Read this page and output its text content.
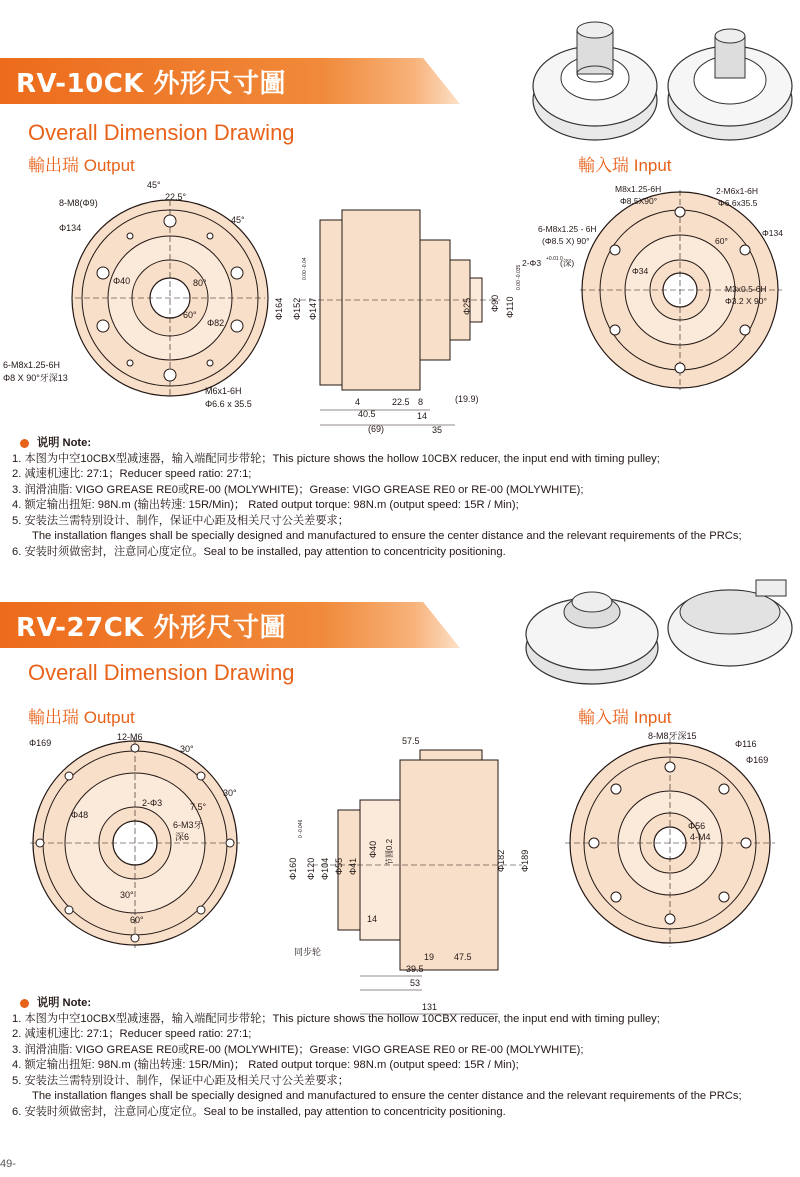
RV-10CK 外形尺寸圖
Overall Dimension Drawing
輸出瑞 Output	輸入瑞 Input
45°
22.5°
45°
8-M8(Φ9)
Φ134
Φ40
Φ82
60°
80°
6-M8x1.25-6H
Φ8 X 90°牙深13
M6x1-6H
Φ6.6 x 35.5
Φ164 Φ152
0.00 -0.04
Φ147	Φ25 Φ90 Φ110
0.00 -0.035
4	22.5 8	(19.9)
40.5	14
(69)	35
M8x1.25-6H
Φ8.5X90°
2-M6x1-6H
Φ6.6x35.5
6-M8x1.25 - 6H
(Φ8.5 X) 90°
2-Φ3 +0.01 0
(深)
Φ34
60°
Φ134
M3x0.5-6H
Φ3.2 X 90°
说明 Note:
1. 本图为中空10CBX型减速器，输入端配同步带轮；This picture shows the hollow 10CBX reducer, the input end with timing pulley;
2. 减速机速比: 27:1；Reducer speed ratio: 27:1;
3. 润滑油脂: VIGO GREASE RE0或RE-00 (MOLYWHITE)；Grease: VIGO GREASE RE0 or RE-00 (MOLYWHITE);
4. 额定输出扭矩: 98N.m (输出转速: 15R/Min)； Rated output torque: 98N.m (output speed: 15R / Min);
5. 安装法兰需特别设计、制作，保证中心距及相关尺寸公关差要求；
The installation flanges shall be specially designed and manufactured to ensure the center distance and the relevant requirements of the PRCs;
6. 安装时须做密封，注意同心度定位。Seal to be installed, pay attention to concentricity positioning.
RV-27CK 外形尺寸圖
Overall Dimension Drawing
輸出瑞 Output	輸入瑞 Input
Φ169
12-M6
30°
30°
2-Φ3	7.5°
Φ48
6-M3牙
深6
30°
60°
57.5
Φ160
0 -0.046
Φ120 Φ104 Φ55 Φ41
Φ40 节圆0.2	Φ182 Φ189
14
同步轮	19 47.5
39.5
53
131
8-M8牙深15
Φ116
Φ169
Φ56
4-M4
说明 Note:
1. 本图为中空10CBX型减速器，输入端配同步带轮；This picture shows the hollow 10CBX reducer, the input end with timing pulley;
2. 减速机速比: 27:1；Reducer speed ratio: 27:1;
3. 润滑油脂: VIGO GREASE RE0或RE-00 (MOLYWHITE)；Grease: VIGO GREASE RE0 or RE-00 (MOLYWHITE);
4. 额定输出扭矩: 98N.m (输出转速: 15R/Min)； Rated output torque: 98N.m (output speed: 15R / Min);
5. 安装法兰需特别设计、制作，保证中心距及相关尺寸公关差要求；
The installation flanges shall be specially designed and manufactured to ensure the center distance and the relevant requirements of the PRCs;
6. 安装时须做密封，注意同心度定位。Seal to be installed, pay attention to concentricity positioning.
49-
